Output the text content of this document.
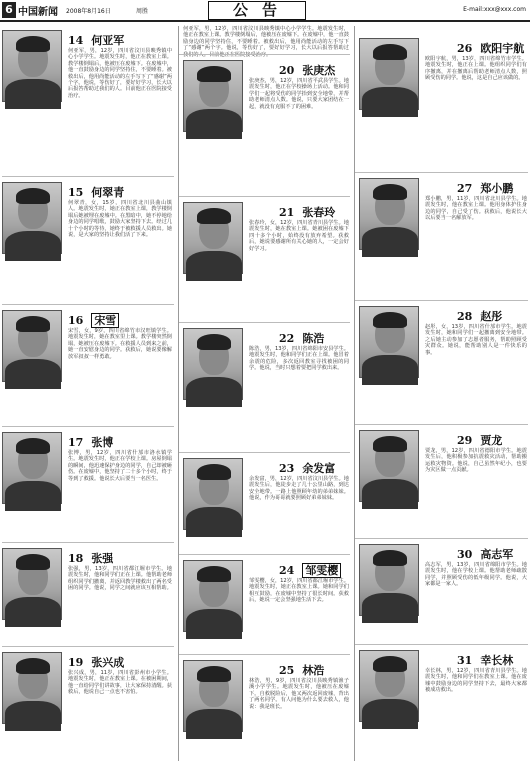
6 中国新闻 2008年8月16日	周胜	公告	E-mail:xxx@xxx.com
14 何亚军
何亚军，男，12岁，四川省汶川县映秀镇中心小学学生。地震发生时，他正在教室上课。教学楼倒塌后，他被压在废墟下。在废墟中，他一直鼓励身边的同学坚持住，不要睡着。被救出后，他用尚能活动的左手写下了“感谢”两个字。他说，等伤好了，要好好学习，长大以后报答帮助过我们的人。目前他正在医院接受治疗。
15 何翠青
何翠青，女，15岁，四川省北川县曲山镇人。地震发生时，她正在教室上课，教学楼倒塌后她被埋在废墟中。在黑暗中，她不停地给身边的同学唱歌，鼓励大家坚持下去。经过几十个小时的等待，她终于被救援人员救出。她说，是大家的坚持让我们活了下来。
16 宋雪
宋雪，女，9岁，四川省绵竹市汉旺镇学生。地震发生时，她在教室里上课。教学楼突然倒塌，她被压在废墟下。在救援人员到来之前，她一直安慰身边的同学。获救后，她说要像解放军叔叔一样勇敢。
17 张博
张博，男，12岁，四川省什邡市洛水镇学生。地震发生时，他正在学校上课。房屋倒塌的瞬间，他迅速保护身边的同学，自己却被砸伤。在废墟中，他坚持了二十多个小时，终于等到了救援。他说长大后要当一名医生。
18 张强
张强，男，13岁，四川省都江堰市学生。地震发生时，他和同学们正在上课。他帮助老师组织同学们撤离，并返回教学楼救出了两名受困的同学。他说，同学之间就应该互相帮助。
19 张兴成
张兴成，男，11岁，四川省彭州市小学生。地震发生时，他正在教室上课。在被困期间，他一直给同学们讲故事，让大家保持清醒。获救后，他说自己一点也不害怕。
何亚军，男，12岁，四川省汶川县映秀镇中心小学学生。地震发生时，他正在教室上课。教学楼倒塌后，他被压在废墟下。在废墟中，他一直鼓励身边的同学坚持住，不要睡着。被救出后，他用尚能活动的左手写下了“感谢”两个字。他说，等伤好了，要好好学习，长大以后报答帮助过我们的人。目前他正在医院接受治疗。
20 张庚杰
张庚杰，男，12岁，四川省平武县学生。地震发生时，他正在学校操场上活动。他和同学们一起将受伤的同学抬到安全地带，并帮助老师清点人数。他说，只要大家团结在一起，就没有克服不了的困难。
21 张春玲
张春玲，女，12岁，四川省青川县学生。地震发生时，她在教室上课。她被困在废墟下四十多个小时，始终没有放弃希望。获救后，她说要感谢所有关心她的人，一定会好好学习。
22 陈浩
陈浩，男，13岁，四川省绵阳市安县学生。地震发生时，他和同学们正在上课。他冒着余震的危险，多次返回教室寻找被困的同学。他说，当时只想着要把同学救出来。
23 余发富
余发富，男，12岁，四川省汶川县学生。地震发生后，他徒步走了几十公里山路，到达安全地带。一路上他照顾年幼的弟弟妹妹。他说，作为哥哥就要照顾好弟弟妹妹。
24 邹雯樱
邹雯樱，女，12岁，四川省都江堰市学生。地震发生时，她正在教室上课。她和同学们相互鼓励，在废墟中坚持了很长时间。获救后，她说一定会坚强地生活下去。
25 林浩
林浩，男，9岁，四川省汶川县映秀镇渔子溪小学学生。地震发生时，他被压在废墟下。自救脱险后，他又两次返回废墟，背出了两名同学。有人问他为什么要去救人，他说：我是班长。
26 欧阳宇航
欧阳宇航，男，13岁，四川省绵竹市学生。地震发生时，他正在上课。他组织同学们有序撤离，并在撤离后帮助老师清点人数，照顾受伤的同学。他说，这是自己应该做的。
27 郑小鹏
郑小鹏，男，11岁，四川省北川县学生。地震发生时，他在教室上课。他用身体护住身边的同学，自己受了伤。获救后，他说长大以后要当一名解放军。
28 赵彤
赵彤，女，13岁，四川省什邡市学生。地震发生时，她和同学们一起撤离到安全地带。之后她主动参加了志愿者服务，帮助照顾受灾群众。她说，能帮助别人是一件快乐的事。
29 贾龙
贾龙，男，12岁，四川省德阳市学生。地震发生后，他积极参加抗震救灾活动，帮助搬运救灾物资。他说，自己虽然年纪小，也要为灾区做一点贡献。
30 高志军
高志军，男，13岁，四川省绵阳市学生。地震发生时，他在学校上课。他帮助老师疏散同学，并照顾受伤的低年级同学。他说，大家都是一家人。
31 幸长林
幸长林，男，12岁，四川省青川县学生。地震发生时，他和同学们在教室上课。他在废墟中鼓励身边的同学坚持下去，最终大家都被成功救出。
